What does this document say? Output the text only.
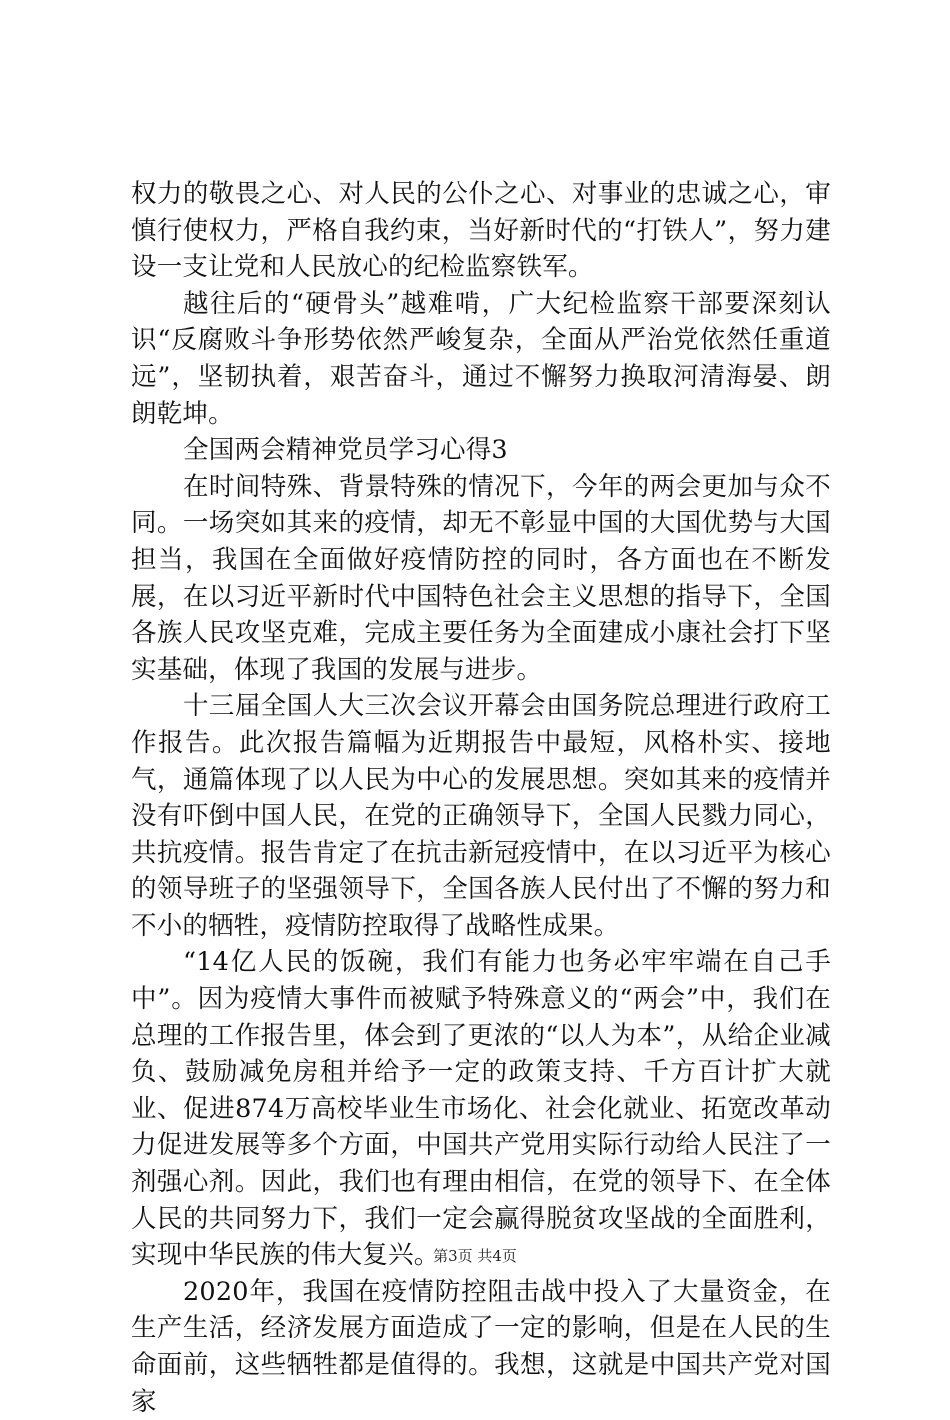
权力的敬畏之心、对人民的公仆之心、对事业的忠诚之心，审慎行使权力，严格自我约束，当好新时代的“打铁人”，努力建设一支让党和人民放心的纪检监察铁军。

越往后的“硬骨头”越难啃，广大纪检监察干部要深刻认识“反腐败斗争形势依然严峻复杂，全面从严治党依然任重道远”，坚韧执着，艰苦奋斗，通过不懈努力换取河清海晏、朗朗乾坤。

全国两会精神党员学习心得3

在时间特殊、背景特殊的情况下，今年的两会更加与众不同。一场突如其来的疫情，却无不彰显中国的大国优势与大国担当，我国在全面做好疫情防控的同时，各方面也在不断发展，在以习近平新时代中国特色社会主义思想的指导下，全国各族人民攻坚克难，完成主要任务为全面建成小康社会打下坚实基础，体现了我国的发展与进步。

十三届全国人大三次会议开幕会由国务院总理进行政府工作报告。此次报告篇幅为近期报告中最短，风格朴实、接地气，通篇体现了以人民为中心的发展思想。突如其来的疫情并没有吓倒中国人民，在党的正确领导下，全国人民戮力同心，共抗疫情。报告肯定了在抗击新冠疫情中，在以习近平为核心的领导班子的坚强领导下，全国各族人民付出了不懈的努力和不小的牺牲，疫情防控取得了战略性成果。

“14亿人民的饭碗，我们有能力也务必牢牢端在自己手中”。因为疫情大事件而被赋予特殊意义的“两会”中，我们在总理的工作报告里，体会到了更浓的“以人为本”，从给企业减负、鼓励减免房租并给予一定的政策支持、千方百计扩大就业、促进874万高校毕业生市场化、社会化就业、拓宽改革动力促进发展等多个方面，中国共产党用实际行动给人民注了一剂强心剂。因此，我们也有理由相信，在党的领导下、在全体人民的共同努力下，我们一定会赢得脱贫攻坚战的全面胜利，实现中华民族的伟大复兴。

2020年，我国在疫情防控阻击战中投入了大量资金，在生产生活，经济发展方面造成了一定的影响，但是在人民的生命面前，这些牺牲都是值得的。我想，这就是中国共产党对国家

第3页 共4页
